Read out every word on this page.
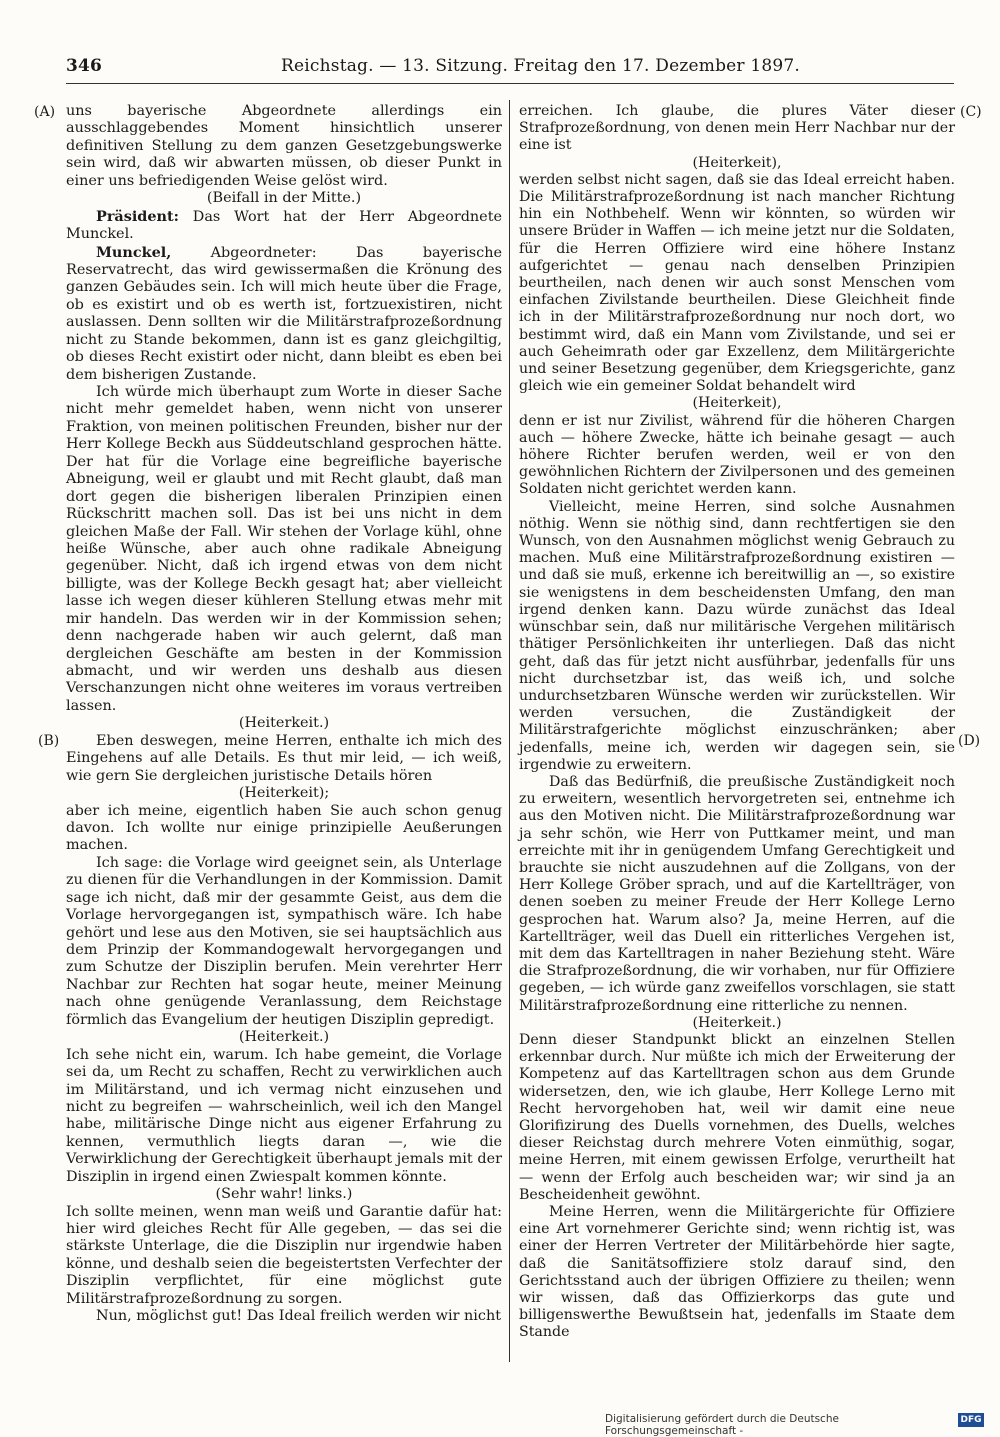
346	Reichstag. — 13. Sitzung. Freitag den 17. Dezember 1897.
(A)
(B)
(C)
(D)

uns bayerische Abgeordnete allerdings ein ausschlaggebendes Moment hinsichtlich unserer definitiven Stellung zu dem ganzen Gesetzgebungswerke sein wird, daß wir abwarten müssen, ob dieser Punkt in einer uns befriedigenden Weise gelöst wird.

(Beifall in der Mitte.)

Präsident: Das Wort hat der Herr Abgeordnete Munckel.

Munckel, Abgeordneter: Das bayerische Reservatrecht, das wird gewissermaßen die Krönung des ganzen Gebäudes sein. Ich will mich heute über die Frage, ob es existirt und ob es werth ist, fortzuexistiren, nicht auslassen. Denn sollten wir die Militärstrafprozeßordnung nicht zu Stande bekommen, dann ist es ganz gleichgiltig, ob dieses Recht existirt oder nicht, dann bleibt es eben bei dem bisherigen Zustande.

Ich würde mich überhaupt zum Worte in dieser Sache nicht mehr gemeldet haben, wenn nicht von unserer Fraktion, von meinen politischen Freunden, bisher nur der Herr Kollege Beckh aus Süddeutschland gesprochen hätte. Der hat für die Vorlage eine begreifliche bayerische Abneigung, weil er glaubt und mit Recht glaubt, daß man dort gegen die bisherigen liberalen Prinzipien einen Rückschritt machen soll. Das ist bei uns nicht in dem gleichen Maße der Fall. Wir stehen der Vorlage kühl, ohne heiße Wünsche, aber auch ohne radikale Abneigung gegenüber. Nicht, daß ich irgend etwas von dem nicht billigte, was der Kollege Beckh gesagt hat; aber vielleicht lasse ich wegen dieser kühleren Stellung etwas mehr mit mir handeln. Das werden wir in der Kommission sehen; denn nachgerade haben wir auch gelernt, daß man dergleichen Geschäfte am besten in der Kommission abmacht, und wir werden uns deshalb aus diesen Verschanzungen nicht ohne weiteres im voraus vertreiben lassen.

(Heiterkeit.)

Eben deswegen, meine Herren, enthalte ich mich des Eingehens auf alle Details. Es thut mir leid, — ich weiß, wie gern Sie dergleichen juristische Details hören

(Heiterkeit);

aber ich meine, eigentlich haben Sie auch schon genug davon. Ich wollte nur einige prinzipielle Aeußerungen machen.

Ich sage: die Vorlage wird geeignet sein, als Unterlage zu dienen für die Verhandlungen in der Kommission. Damit sage ich nicht, daß mir der gesammte Geist, aus dem die Vorlage hervorgegangen ist, sympathisch wäre. Ich habe gehört und lese aus den Motiven, sie sei hauptsächlich aus dem Prinzip der Kommandogewalt hervorgegangen und zum Schutze der Disziplin berufen. Mein verehrter Herr Nachbar zur Rechten hat sogar heute, meiner Meinung nach ohne genügende Veranlassung, dem Reichstage förmlich das Evangelium der heutigen Disziplin gepredigt.

(Heiterkeit.)

Ich sehe nicht ein, warum. Ich habe gemeint, die Vorlage sei da, um Recht zu schaffen, Recht zu verwirklichen auch im Militärstand, und ich vermag nicht einzusehen und nicht zu begreifen — wahrscheinlich, weil ich den Mangel habe, militärische Dinge nicht aus eigener Erfahrung zu kennen, vermuthlich liegts daran —, wie die Verwirklichung der Gerechtigkeit überhaupt jemals mit der Disziplin in irgend einen Zwiespalt kommen könnte.

(Sehr wahr! links.)

Ich sollte meinen, wenn man weiß und Garantie dafür hat: hier wird gleiches Recht für Alle gegeben, — das sei die stärkste Unterlage, die die Disziplin nur irgendwie haben könne, und deshalb seien die begeistertsten Verfechter der Disziplin verpflichtet, für eine möglichst gute Militärstrafprozeßordnung zu sorgen.

Nun, möglichst gut! Das Ideal freilich werden wir nicht

erreichen. Ich glaube, die plures Väter dieser Strafprozeßordnung, von denen mein Herr Nachbar nur der eine ist

(Heiterkeit),

werden selbst nicht sagen, daß sie das Ideal erreicht haben. Die Militärstrafprozeßordnung ist nach mancher Richtung hin ein Nothbehelf. Wenn wir könnten, so würden wir unsere Brüder in Waffen — ich meine jetzt nur die Soldaten, für die Herren Offiziere wird eine höhere Instanz aufgerichtet — genau nach denselben Prinzipien beurtheilen, nach denen wir auch sonst Menschen vom einfachen Zivilstande beurtheilen. Diese Gleichheit finde ich in der Militärstrafprozeßordnung nur noch dort, wo bestimmt wird, daß ein Mann vom Zivilstande, und sei er auch Geheimrath oder gar Exzellenz, dem Militärgerichte und seiner Besetzung gegenüber, dem Kriegsgerichte, ganz gleich wie ein gemeiner Soldat behandelt wird

(Heiterkeit),

denn er ist nur Zivilist, während für die höheren Chargen auch — höhere Zwecke, hätte ich beinahe gesagt — auch höhere Richter berufen werden, weil er von den gewöhnlichen Richtern der Zivilpersonen und des gemeinen Soldaten nicht gerichtet werden kann.

Vielleicht, meine Herren, sind solche Ausnahmen nöthig. Wenn sie nöthig sind, dann rechtfertigen sie den Wunsch, von den Ausnahmen möglichst wenig Gebrauch zu machen. Muß eine Militärstrafprozeßordnung existiren — und daß sie muß, erkenne ich bereitwillig an —, so existire sie wenigstens in dem bescheidensten Umfang, den man irgend denken kann. Dazu würde zunächst das Ideal wünschbar sein, daß nur militärische Vergehen militärisch thätiger Persönlichkeiten ihr unterliegen. Daß das nicht geht, daß das für jetzt nicht ausführbar, jedenfalls für uns nicht durchsetzbar ist, das weiß ich, und solche undurchsetzbaren Wünsche werden wir zurückstellen. Wir werden versuchen, die Zuständigkeit der Militärstrafgerichte möglichst einzuschränken; aber jedenfalls, meine ich, werden wir dagegen sein, sie irgendwie zu erweitern.

Daß das Bedürfniß, die preußische Zuständigkeit noch zu erweitern, wesentlich hervorgetreten sei, entnehme ich aus den Motiven nicht. Die Militärstrafprozeßordnung war ja sehr schön, wie Herr von Puttkamer meint, und man erreichte mit ihr in genügendem Umfang Gerechtigkeit und brauchte sie nicht auszudehnen auf die Zollgans, von der Herr Kollege Gröber sprach, und auf die Kartellträger, von denen soeben zu meiner Freude der Herr Kollege Lerno gesprochen hat. Warum also? Ja, meine Herren, auf die Kartellträger, weil das Duell ein ritterliches Vergehen ist, mit dem das Kartelltragen in naher Beziehung steht. Wäre die Strafprozeßordnung, die wir vorhaben, nur für Offiziere gegeben, — ich würde ganz zweifellos vorschlagen, sie statt Militärstrafprozeßordnung eine ritterliche zu nennen.

(Heiterkeit.)

Denn dieser Standpunkt blickt an einzelnen Stellen erkennbar durch. Nur müßte ich mich der Erweiterung der Kompetenz auf das Kartelltragen schon aus dem Grunde widersetzen, den, wie ich glaube, Herr Kollege Lerno mit Recht hervorgehoben hat, weil wir damit eine neue Glorifizirung des Duells vornehmen, des Duells, welches dieser Reichstag durch mehrere Voten einmüthig, sogar, meine Herren, mit einem gewissen Erfolge, verurtheilt hat — wenn der Erfolg auch bescheiden war; wir sind ja an Bescheidenheit gewöhnt.

Meine Herren, wenn die Militärgerichte für Offiziere eine Art vornehmerer Gerichte sind; wenn richtig ist, was einer der Herren Vertreter der Militärbehörde hier sagte, daß die Sanitätsoffiziere stolz darauf sind, den Gerichtsstand auch der übrigen Offiziere zu theilen; wenn wir wissen, daß das Offizierkorps das gute und billigenswerthe Bewußtsein hat, jedenfalls im Staate dem Stande

Digitalisierung gefördert durch die Deutsche Forschungsgemeinschaft -
DFG
